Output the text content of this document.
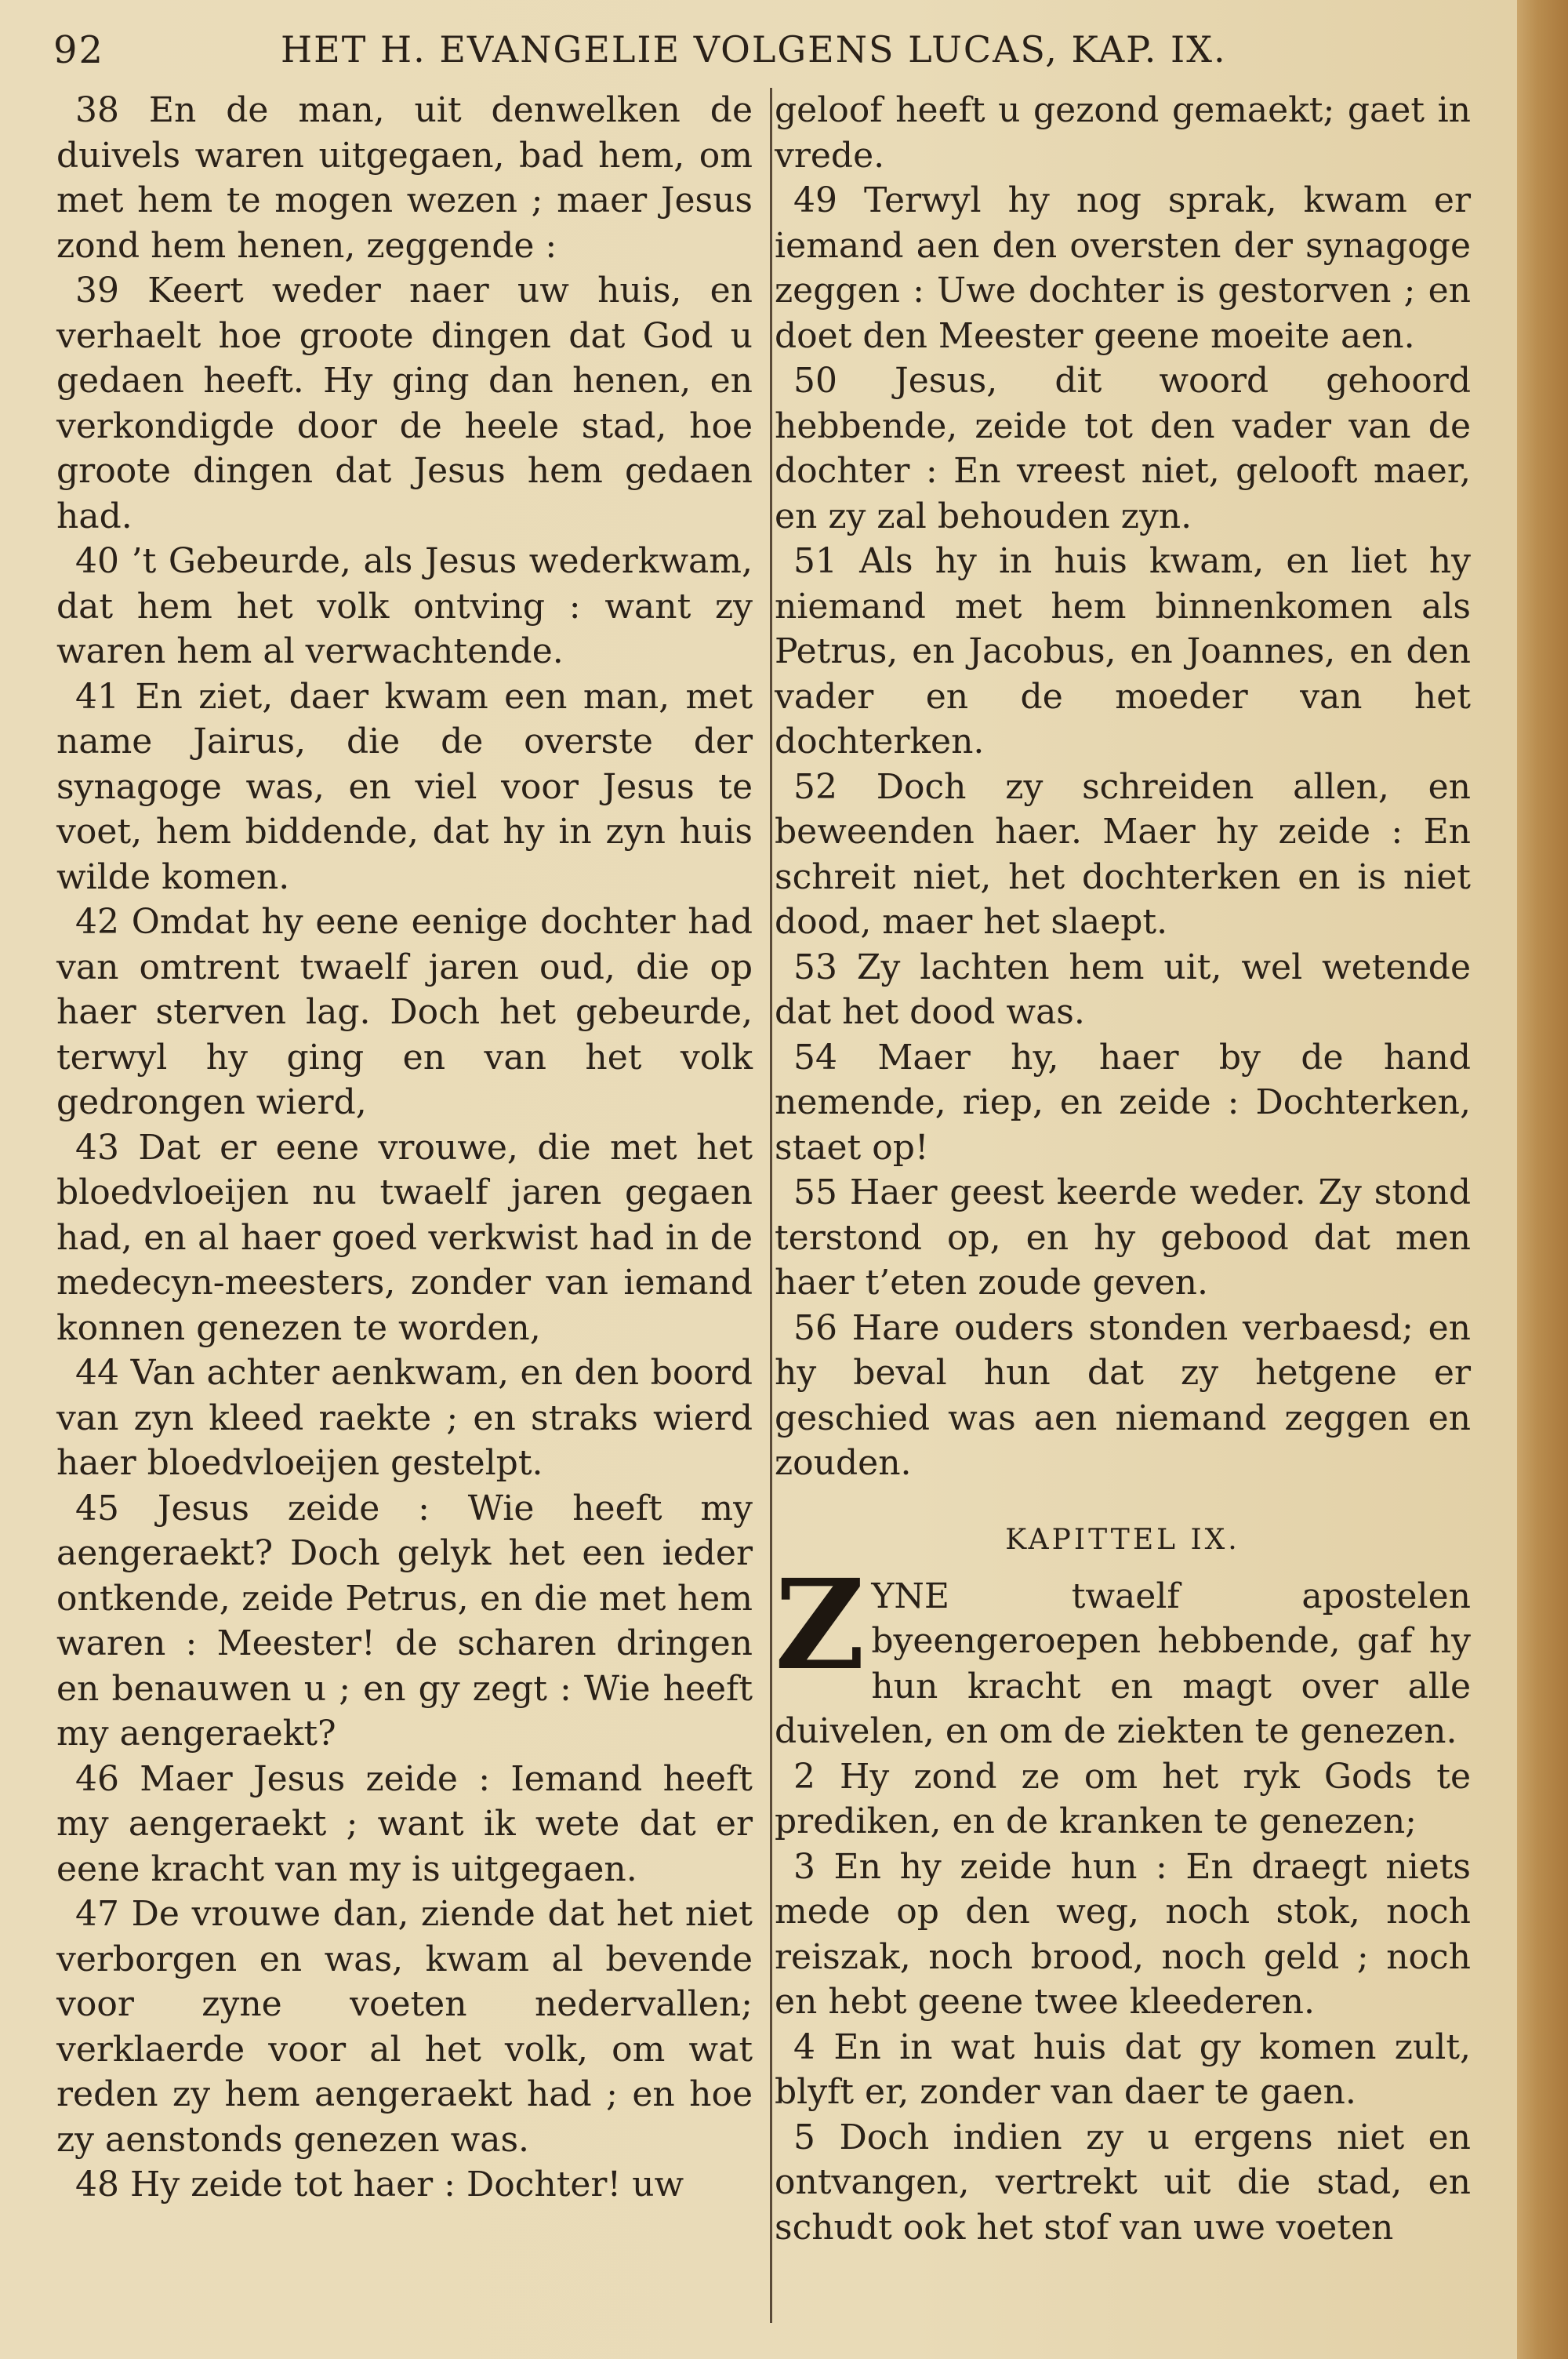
92	HET H. EVANGELIE VOLGENS LUCAS, KAP. IX.

38 En de man, uit denwelken de duivels waren uitgegaen, bad hem, om met hem te mogen wezen ; maer Jesus zond hem henen, zeggende :

39 Keert weder naer uw huis, en verhaelt hoe groote dingen dat God u gedaen heeft. Hy ging dan henen, en verkondigde door de heele stad, hoe groote dingen dat Jesus hem gedaen had.

40 ’t Gebeurde, als Jesus wederkwam, dat hem het volk ontving : want zy waren hem al verwachtende.

41 En ziet, daer kwam een man, met name Jairus, die de overste der synagoge was, en viel voor Jesus te voet, hem biddende, dat hy in zyn huis wilde komen.

42 Omdat hy eene eenige dochter had van omtrent twaelf jaren oud, die op haer sterven lag. Doch het gebeurde, terwyl hy ging en van het volk gedrongen wierd,

43 Dat er eene vrouwe, die met het bloedvloeijen nu twaelf jaren gegaen had, en al haer goed verkwist had in de medecyn-meesters, zonder van iemand konnen genezen te worden,

44 Van achter aenkwam, en den boord van zyn kleed raekte ; en straks wierd haer bloedvloeijen gestelpt.

45 Jesus zeide : Wie heeft my aengeraekt? Doch gelyk het een ieder ontkende, zeide Petrus, en die met hem waren : Meester! de scharen dringen en benauwen u ; en gy zegt : Wie heeft my aengeraekt?

46 Maer Jesus zeide : Iemand heeft my aengeraekt ; want ik wete dat er eene kracht van my is uitgegaen.

47 De vrouwe dan, ziende dat het niet verborgen en was, kwam al bevende voor zyne voeten nedervallen; verklaerde voor al het volk, om wat reden zy hem aengeraekt had ; en hoe zy aenstonds genezen was.

48 Hy zeide tot haer : Dochter! uw

geloof heeft u gezond gemaekt; gaet in vrede.

49 Terwyl hy nog sprak, kwam er iemand aen den oversten der synagoge zeggen : Uwe dochter is gestorven ; en doet den Meester geene moeite aen.

50 Jesus, dit woord gehoord hebbende, zeide tot den vader van de dochter : En vreest niet, gelooft maer, en zy zal behouden zyn.

51 Als hy in huis kwam, en liet hy niemand met hem binnenkomen als Petrus, en Jacobus, en Joannes, en den vader en de moeder van het dochterken.

52 Doch zy schreiden allen, en beweenden haer. Maer hy zeide : En schreit niet, het dochterken en is niet dood, maer het slaept.

53 Zy lachten hem uit, wel wetende dat het dood was.

54 Maer hy, haer by de hand nemende, riep, en zeide : Dochterken, staet op!

55 Haer geest keerde weder. Zy stond terstond op, en hy gebood dat men haer t’eten zoude geven.

56 Hare ouders stonden verbaesd; en hy beval hun dat zy hetgene er geschied was aen niemand zeggen en zouden.

KAPITTEL IX.

ZYNE twaelf apostelen byeengeroepen hebbende, gaf hy hun kracht en magt over alle duivelen, en om de ziekten te genezen.

2 Hy zond ze om het ryk Gods te prediken, en de kranken te genezen;

3 En hy zeide hun : En draegt niets mede op den weg, noch stok, noch reiszak, noch brood, noch geld ; noch en hebt geene twee kleederen.

4 En in wat huis dat gy komen zult, blyft er, zonder van daer te gaen.

5 Doch indien zy u ergens niet en ontvangen, vertrekt uit die stad, en schudt ook het stof van uwe voeten
